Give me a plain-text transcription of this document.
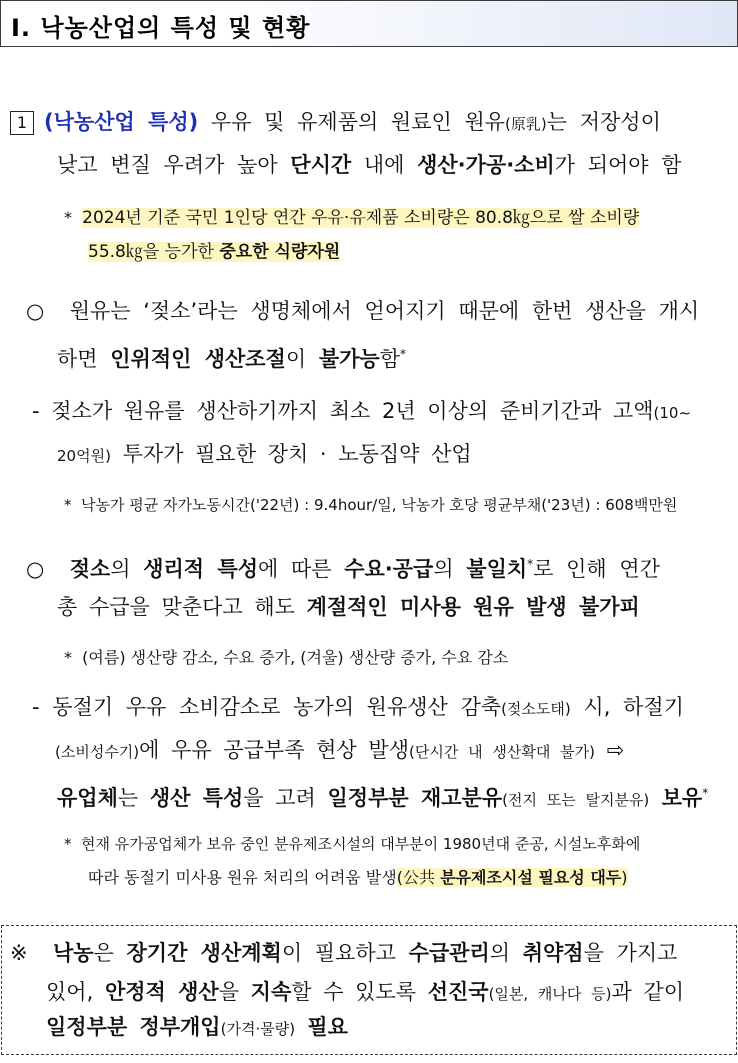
Ⅰ. 낙농산업의 특성 및 현황
1 (낙농산업 특성) 우유 및 유제품의 원료인 원유(原乳)는 저장성이
낮고 변질 우려가 높아 단시간 내에 생산·가공·소비가 되어야 함
* 2024년 기준 국민 1인당 연간 우유·유제품 소비량은 80.8㎏으로 쌀 소비량
55.8㎏을 능가한 중요한 식량자원
○ 원유는 ‘젖소’라는 생명체에서 얻어지기 때문에 한번 생산을 개시
하면 인위적인 생산조절이 불가능함*
- 젖소가 원유를 생산하기까지 최소 2년 이상의 준비기간과 고액(10∼
20억원) 투자가 필요한 장치 · 노동집약 산업
* 낙농가 평균 자가노동시간('22년) : 9.4hour/일, 낙농가 호당 평균부채('23년) : 608백만원
○ 젖소의 생리적 특성에 따른 수요·공급의 불일치*로 인해 연간
총 수급을 맞춘다고 해도 계절적인 미사용 원유 발생 불가피
* (여름) 생산량 감소, 수요 증가, (겨울) 생산량 증가, 수요 감소
- 동절기 우유 소비감소로 농가의 원유생산 감축(젖소도태) 시, 하절기
(소비성수기)에 우유 공급부족 현상 발생(단시간 내 생산확대 불가) ⇨
유업체는 생산 특성을 고려 일정부분 재고분유(전지 또는 탈지분유) 보유*
* 현재 유가공업체가 보유 중인 분유제조시설의 대부분이 1980년대 준공, 시설노후화에
따라 동절기 미사용 원유 처리의 어려움 발생(公共 분유제조시설 필요성 대두)
※ 낙농은 장기간 생산계획이 필요하고 수급관리의 취약점을 가지고
있어, 안정적 생산을 지속할 수 있도록 선진국(일본, 캐나다 등)과 같이
일정부분 정부개입(가격·물량) 필요
